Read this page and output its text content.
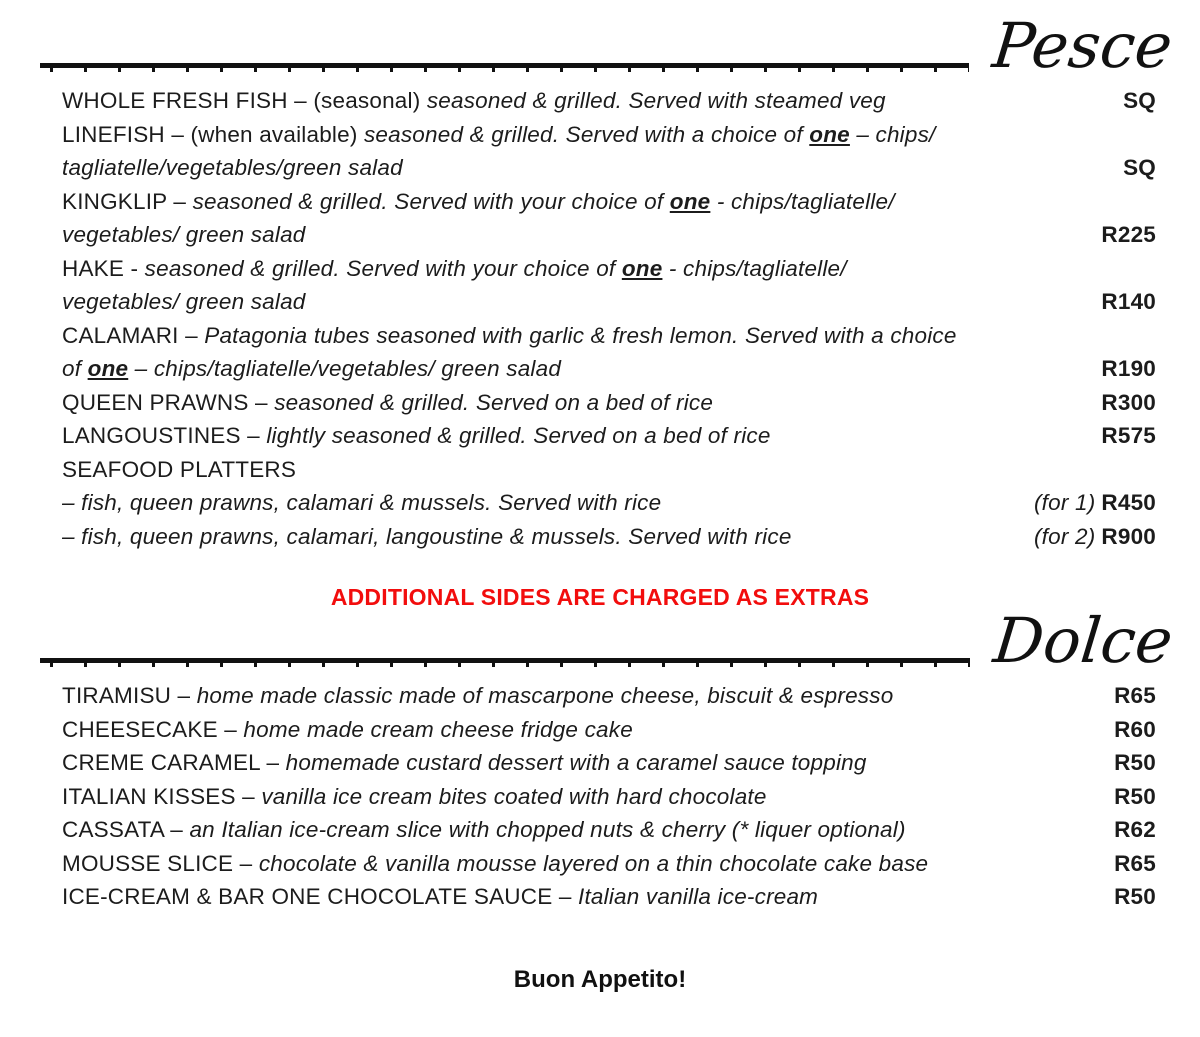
Pesce
WHOLE FRESH FISH – (seasonal) seasoned & grilled. Served with steamed veg	SQ
LINEFISH – (when available) seasoned & grilled. Served with a choice of one – chips/
tagliatelle/vegetables/green salad	SQ
KINGKLIP – seasoned & grilled. Served with your choice of one - chips/tagliatelle/
vegetables/ green salad	R225
HAKE - seasoned & grilled. Served with your choice of one - chips/tagliatelle/
vegetables/ green salad	R140
CALAMARI – Patagonia tubes seasoned with garlic & fresh lemon. Served with a choice
of one – chips/tagliatelle/vegetables/ green salad	R190
QUEEN PRAWNS – seasoned & grilled. Served on a bed of rice	R300
LANGOUSTINES – lightly seasoned & grilled. Served on a bed of rice	R575
SEAFOOD PLATTERS
– fish, queen prawns, calamari & mussels. Served with rice	(for 1) R450
– fish, queen prawns, calamari, langoustine & mussels. Served with rice	(for 2) R900
ADDITIONAL SIDES ARE CHARGED AS EXTRAS
Dolce
TIRAMISU – home made classic made of mascarpone cheese, biscuit & espresso	R65
CHEESECAKE – home made cream cheese fridge cake	R60
CREME CARAMEL – homemade custard dessert with a caramel sauce topping	R50
ITALIAN KISSES – vanilla ice cream bites coated with hard chocolate	R50
CASSATA – an Italian ice-cream slice with chopped nuts & cherry (* liquer optional)	R62
MOUSSE SLICE – chocolate & vanilla mousse layered on a thin chocolate cake base	R65
ICE-CREAM & BAR ONE CHOCOLATE SAUCE – Italian vanilla ice-cream	R50
Buon Appetito!
